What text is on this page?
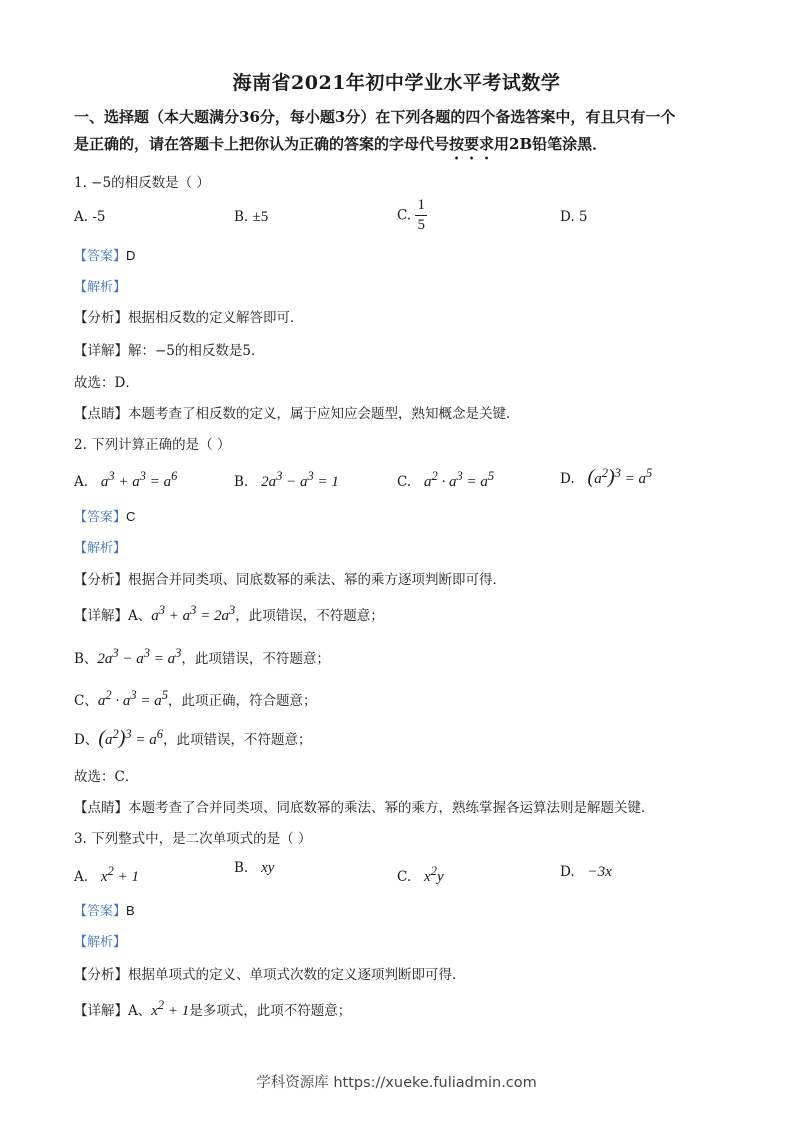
海南省2021年初中学业水平考试数学
一、选择题（本大题满分36分，每小题3分）在下列各题的四个备选答案中，有且只有一个
是正确的，请在答题卡上把你认为正确的答案的字母代号按要求用2B铅笔涂黑．
1. −5的相反数是（ ）
A. -5	B. ±5	C. $\frac{1}{5}$	D. 5
【答案】D
【解析】
【分析】根据相反数的定义解答即可．
【详解】解：−5的相反数是5．
故选：D．
【点睛】本题考查了相反数的定义，属于应知应会题型，熟知概念是关键．
2. 下列计算正确的是（ ）
A. $a^3 + a^3 = a^6$	B. $2a^3 - a^3 = 1$	C. $a^2 \cdot a^3 = a^5$	D. $(a^2)^3 = a^5$
【答案】C
【解析】
【分析】根据合并同类项、同底数幂的乘法、幂的乘方逐项判断即可得．
【详解】A、$a^3 + a^3 = 2a^3$，此项错误，不符题意；
B、$2a^3 - a^3 = a^3$，此项错误，不符题意；
C、$a^2 \cdot a^3 = a^5$，此项正确，符合题意；
D、$(a^2)^3 = a^6$，此项错误，不符题意；
故选：C．
【点睛】本题考查了合并同类项、同底数幂的乘法、幂的乘方，熟练掌握各运算法则是解题关键．
3. 下列整式中，是二次单项式的是（ ）
A. $x^2 + 1$
B. xy
C. $x^2y$	D. −3x
【答案】B
【解析】
【分析】根据单项式的定义、单项式次数的定义逐项判断即可得．
【详解】A、$x^2 + 1$是多项式，此项不符题意；
学科资源库 https://xueke.fuliadmin.com
